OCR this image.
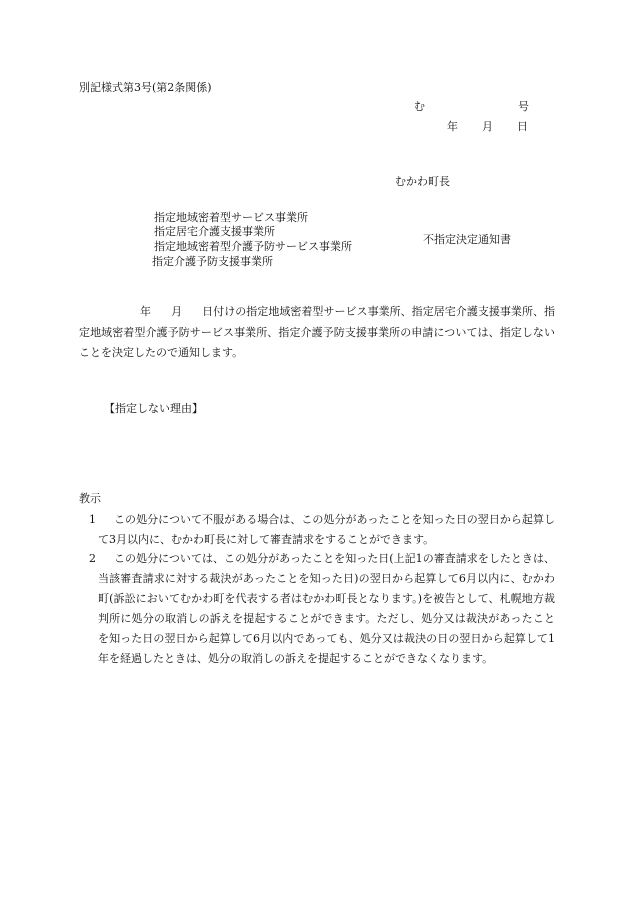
別記様式第3号(第2条関係)
む	号
年 月 日
むかわ町長
指定地域密着型サービス事業所
指定居宅介護支援事業所
指定地域密着型介護予防サービス事業所
指定介護予防支援事業所
不指定決定通知書
年 月 日付けの指定地域密着型サービス事業所、指定居宅介護支援事業所、指定地域密着型介護予防サービス事業所、指定介護予防支援事業所の申請については、指定しないことを決定したので通知します。
【指定しない理由】
教示
1	この処分について不服がある場合は、この処分があったことを知った日の翌日から起算して3月以内に、むかわ町長に対して審査請求をすることができます。
2	この処分については、この処分があったことを知った日(上記1の審査請求をしたときは、当該審査請求に対する裁決があったことを知った日)の翌日から起算して6月以内に、むかわ町(訴訟においてむかわ町を代表する者はむかわ町長となります。)を被告として、札幌地方裁判所に処分の取消しの訴えを提起することができます。ただし、処分又は裁決があったことを知った日の翌日から起算して6月以内であっても、処分又は裁決の日の翌日から起算して1年を経過したときは、処分の取消しの訴えを提起することができなくなります。
